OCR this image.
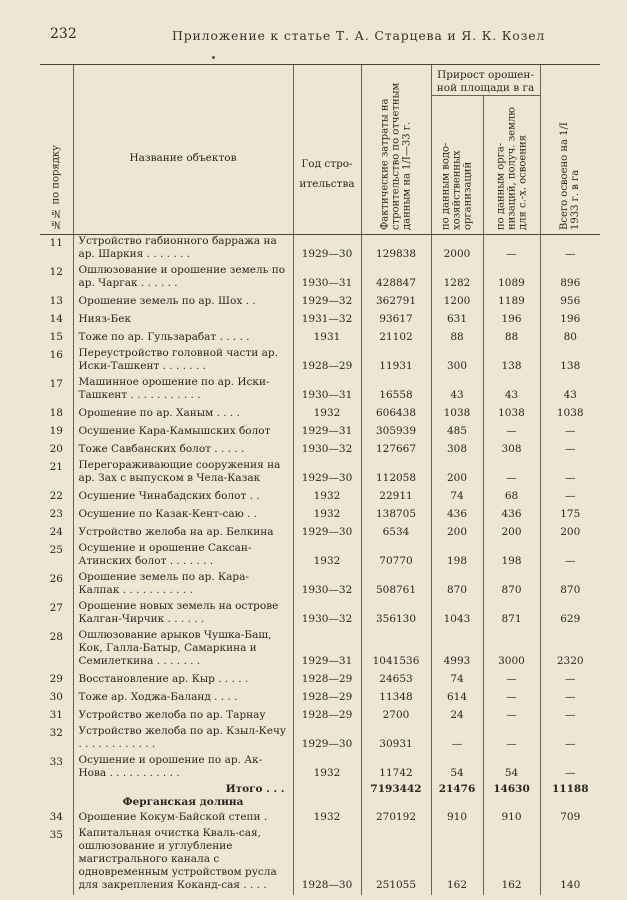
232	Приложение к статье Т. А. Старцева и Я. К. Козел
№№ по порядку	Название объектов	Год стро- ительства	Фактические затраты на строительство по отчетным данным на 1/I—33 г.	Прирост орошен- ной площади в га		Всего освоено на 1/I 1933 г. в га

				по данным водо- хозяйственных организаций	по данным орга- низаций, получ. землю для с.-х. освоения	

11	Устройство габионного барража на ар. Шаркия . . . . . . .	1929—30	129838	2000	—	—
12	Ошлюзование и орошение земель по ар. Чаргак . . . . . .	1930—31	428847	1282	1089	896
13	Орошение земель по ар. Шох . .	1929—32	362791	1200	1189	956
14	Нияз-Бек	1931—32	93617	631	196	196
15	Тоже по ар. Гульзарабат . . . . .	1931	21102	88	88	80
16	Переустройство головной части ар. Иски-Ташкент . . . . . . .	1928—29	11931	300	138	138
17	Машинное орошение по ар. Иски-Ташкент . . . . . . . . . . .	1930—31	16558	43	43	43
18	Орошение по ар. Ханым . . . .	1932	606438	1038	1038	1038
19	Осушение Кара-Камышских болот	1929—31	305939	485	—	—
20	Тоже Савбанских болот . . . . .	1930—32	127667	308	308	—
21	Перегораживающие сооружения на ар. Зах с выпуском в Чела-Казак	1929—30	112058	200	—	—
22	Осушение Чинабадских болот . .	1932	22911	74	68	—
23	Осушение по Казак-Кент-саю . .	1932	138705	436	436	175
24	Устройство желоба на ар. Белкина	1929—30	6534	200	200	200
25	Осушение и орошение Саксан-Атинских болот . . . . . . .	1932	70770	198	198	—
26	Орошение земель по ар. Кара-Калпак . . . . . . . . . . .	1930—32	508761	870	870	870
27	Орошение новых земель на острове Калган-Чирчик . . . . . .	1930—32	356130	1043	871	629
28	Ошлюзование арыков Чушка-Баш, Кок, Галла-Батыр, Самаркина и Семилеткина . . . . . . .	1929—31	1041536	4993	3000	2320
29	Восстановление ар. Кыр . . . . .	1928—29	24653	74	—	—
30	Тоже ар. Ходжа-Баланд . . . .	1928—29	11348	614	—	—
31	Устройство желоба по ар. Тарнау	1928—29	2700	24	—	—
32	Устройство желоба по ар. Кзыл-Кечу . . . . . . . . . . . .	1929—30	30931	—	—	—
33	Осушение и орошение по ар. Ак-Нова . . . . . . . . . . .	1932	11742	54	54	—
	Итого . . .		7193442	21476	14630	11188
	Ферганская долина					
34	Орошение Кокум-Байской степи .	1932	270192	910	910	709
35	Капитальная очистка Кваль-сая, ошлюзование и углубление магистрального канала с одновременным устройством русла для закрепления Коканд-сая . . . .	1928—30	251055	162	162	140
